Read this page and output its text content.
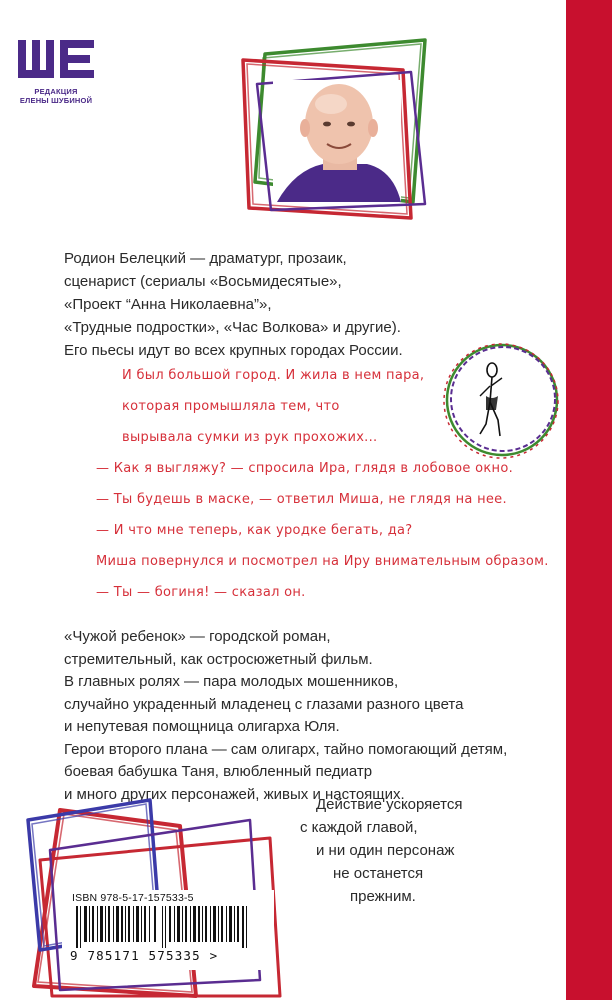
РЕДАКЦИЯ
ЕЛЕНЫ ШУБИНОЙ
Родион Белецкий — драматург, прозаик,
сценарист (сериалы «Восьмидесятые»,
«Проект “Анна Николаевна”»,
«Трудные подростки», «Час Волкова» и другие).
Его пьесы идут во всех крупных городах России.
И был большой город. И жила в нем пара,
которая промышляла тем, что
вырывала сумки из рук прохожих...
— Как я выгляжу? — спросила Ира, глядя в лобовое окно.
— Ты будешь в маске, — ответил Миша, не глядя на нее.
— И что мне теперь, как уродке бегать, да?
Миша повернулся и посмотрел на Иру внимательным образом.
— Ты — богиня! — сказал он.
«Чужой ребенок» — городской роман,
стремительный, как остросюжетный фильм.
В главных ролях — пара молодых мошенников,
случайно украденный младенец с глазами разного цвета
и непутевая помощница олигарха Юля.
Герои второго плана — сам олигарх, тайно помогающий детям,
боевая бабушка Таня, влюбленный педиатр
и много других персонажей, живых и настоящих.
Действие ускоряется
с каждой главой,
и ни один персонаж
не останется
прежним.
ISBN 978-5-17-157533-5
9 785171 575335 >
